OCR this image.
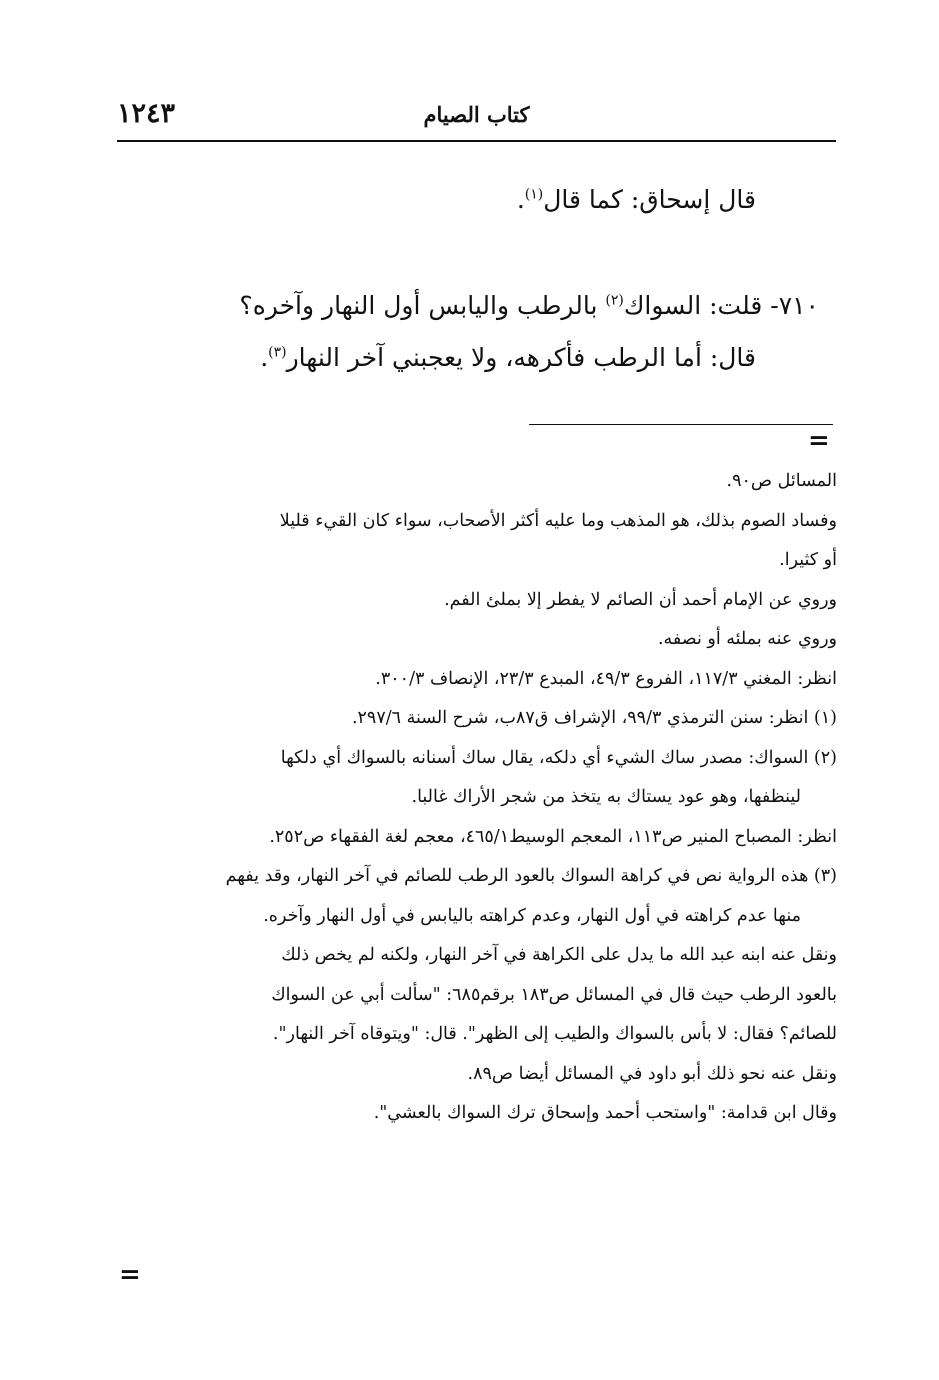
كتاب الصيام
١٢٤٣
قال إسحاق: كما قال$^{(١)}$.
٧١٠- قلت: السواك$^{(٢)}$ بالرطب واليابس أول النهار وآخره؟
قال: أما الرطب فأكرهه، ولا يعجبني آخر النهار$^{(٣)}$.
=
المسائل ص٩٠.
وفساد الصوم بذلك، هو المذهب وما عليه أكثر الأصحاب، سواء كان القيء قليلا
أو كثيرا.
وروي عن الإمام أحمد أن الصائم لا يفطر إلا بملئ الفم.
وروي عنه بملئه أو نصفه.
انظر: المغني ١١٧/٣، الفروع ٤٩/٣، المبدع ٢٣/٣، الإنصاف ٣٠٠/٣.
(١) انظر: سنن الترمذي ٩٩/٣، الإشراف ق٨٧ب، شرح السنة ٢٩٧/٦.
(٢) السواك: مصدر ساك الشيء أي دلكه، يقال ساك أسنانه بالسواك أي دلكها
لينظفها، وهو عود يستاك به يتخذ من شجر الأراك غالبا.
انظر: المصباح المنير ص١١٣، المعجم الوسيط٤٦٥/١، معجم لغة الفقهاء ص٢٥٢.
(٣) هذه الرواية نص في كراهة السواك بالعود الرطب للصائم في آخر النهار، وقد يفهم
منها عدم كراهته في أول النهار، وعدم كراهته باليابس في أول النهار وآخره.
ونقل عنه ابنه عبد الله ما يدل على الكراهة في آخر النهار، ولكنه لم يخص ذلك
بالعود الرطب حيث قال في المسائل ص١٨٣ برقم٦٨٥: "سألت أبي عن السواك
للصائم؟ فقال: لا بأس بالسواك والطيب إلى الظهر". قال: "ويتوقاه آخر النهار".
ونقل عنه نحو ذلك أبو داود في المسائل أيضا ص٨٩.
وقال ابن قدامة: "واستحب أحمد وإسحاق ترك السواك بالعشي".
=
